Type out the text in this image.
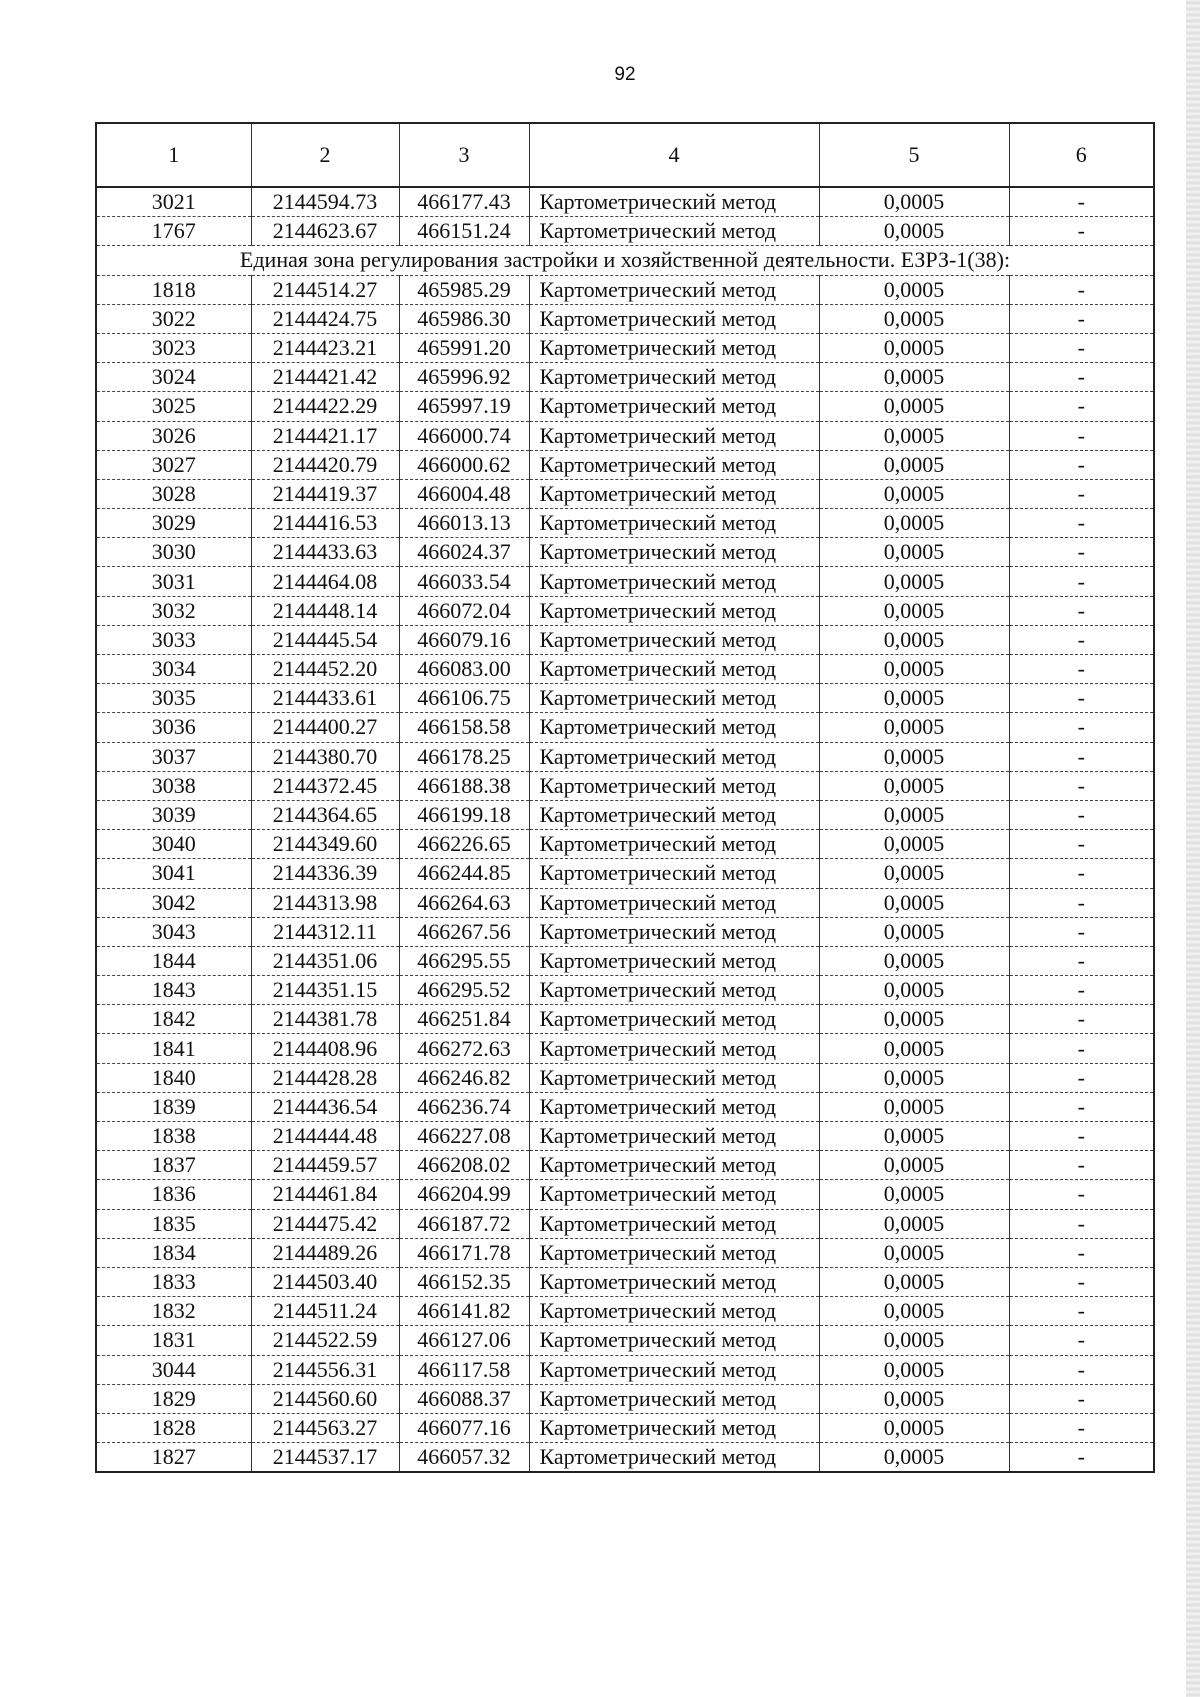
92
1	2	3	4	5	6
3021	2144594.73	466177.43	Картометрический метод	0,0005	-
1767	2144623.67	466151.24	Картометрический метод	0,0005	-
Единая зона регулирования застройки и хозяйственной деятельности. ЕЗРЗ-1(38):					
1818	2144514.27	465985.29	Картометрический метод	0,0005	-
3022	2144424.75	465986.30	Картометрический метод	0,0005	-
3023	2144423.21	465991.20	Картометрический метод	0,0005	-
3024	2144421.42	465996.92	Картометрический метод	0,0005	-
3025	2144422.29	465997.19	Картометрический метод	0,0005	-
3026	2144421.17	466000.74	Картометрический метод	0,0005	-
3027	2144420.79	466000.62	Картометрический метод	0,0005	-
3028	2144419.37	466004.48	Картометрический метод	0,0005	-
3029	2144416.53	466013.13	Картометрический метод	0,0005	-
3030	2144433.63	466024.37	Картометрический метод	0,0005	-
3031	2144464.08	466033.54	Картометрический метод	0,0005	-
3032	2144448.14	466072.04	Картометрический метод	0,0005	-
3033	2144445.54	466079.16	Картометрический метод	0,0005	-
3034	2144452.20	466083.00	Картометрический метод	0,0005	-
3035	2144433.61	466106.75	Картометрический метод	0,0005	-
3036	2144400.27	466158.58	Картометрический метод	0,0005	-
3037	2144380.70	466178.25	Картометрический метод	0,0005	-
3038	2144372.45	466188.38	Картометрический метод	0,0005	-
3039	2144364.65	466199.18	Картометрический метод	0,0005	-
3040	2144349.60	466226.65	Картометрический метод	0,0005	-
3041	2144336.39	466244.85	Картометрический метод	0,0005	-
3042	2144313.98	466264.63	Картометрический метод	0,0005	-
3043	2144312.11	466267.56	Картометрический метод	0,0005	-
1844	2144351.06	466295.55	Картометрический метод	0,0005	-
1843	2144351.15	466295.52	Картометрический метод	0,0005	-
1842	2144381.78	466251.84	Картометрический метод	0,0005	-
1841	2144408.96	466272.63	Картометрический метод	0,0005	-
1840	2144428.28	466246.82	Картометрический метод	0,0005	-
1839	2144436.54	466236.74	Картометрический метод	0,0005	-
1838	2144444.48	466227.08	Картометрический метод	0,0005	-
1837	2144459.57	466208.02	Картометрический метод	0,0005	-
1836	2144461.84	466204.99	Картометрический метод	0,0005	-
1835	2144475.42	466187.72	Картометрический метод	0,0005	-
1834	2144489.26	466171.78	Картометрический метод	0,0005	-
1833	2144503.40	466152.35	Картометрический метод	0,0005	-
1832	2144511.24	466141.82	Картометрический метод	0,0005	-
1831	2144522.59	466127.06	Картометрический метод	0,0005	-
3044	2144556.31	466117.58	Картометрический метод	0,0005	-
1829	2144560.60	466088.37	Картометрический метод	0,0005	-
1828	2144563.27	466077.16	Картометрический метод	0,0005	-
1827	2144537.17	466057.32	Картометрический метод	0,0005	-
